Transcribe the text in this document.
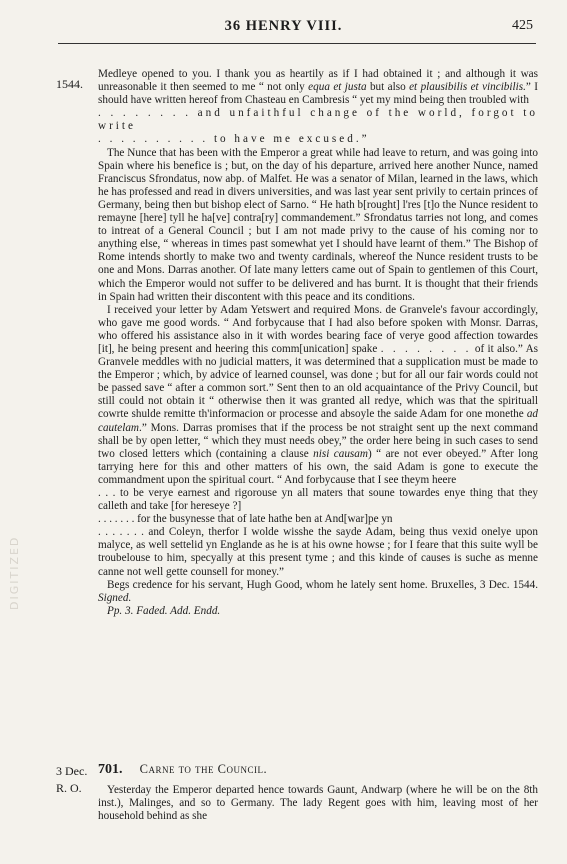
36 HENRY VIII.	425
1544.

Medleye opened to you. I thank you as heartily as if I had obtained it ; and although it was unreasonable it then seemed to me “ not only equa et justa but also et plausibilis et vincibilis.” I should have written hereof from Chasteau en Cambresis “ yet my mind being then troubled with
. . . . . . . . and unfaithful change of the world, forgot to write
. . . . . . . . . . to have me excused.”

The Nunce that has been with the Emperor a great while had leave to return, and was going into Spain where his benefice is ; but, on the day of his departure, arrived here another Nunce, named Franciscus Sfrondatus, now abp. of Malfet. He was a senator of Milan, learned in the laws, which he has professed and read in divers universities, and was last year sent privily to certain princes of Germany, being then but bishop elect of Sarno. “ He hath b[rought] l'res [t]o the Nunce resident to remayne [here] tyll he ha[ve] contra[ry] commandement.” Sfrondatus tarries not long, and comes to intreat of a General Council ; but I am not made privy to the cause of his coming nor to anything else, “ whereas in times past somewhat yet I should have learnt of them.” The Bishop of Rome intends shortly to make two and twenty cardinals, whereof the Nunce resident trusts to be one and Mons. Darras another. Of late many letters came out of Spain to gentlemen of this Court, which the Emperor would not suffer to be delivered and has burnt. It is thought that their friends in Spain had written their discontent with this peace and its conditions.

I received your letter by Adam Yetswert and required Mons. de Granvele's favour accordingly, who gave me good words. “ And forbycause that I had also before spoken with Monsr. Darras, who offered his assistance also in it with wordes bearing face of verye good affection towardes [it], he being present and heering this comm[unication] spake . . . . . . . . of it also.” As Granvele meddles with no judicial matters, it was determined that a supplication must be made to the Emperor ; which, by advice of learned counsel, was done ; but for all our fair words could not be passed save “ after a common sort.” Sent then to an old acquaintance of the Privy Council, but still could not obtain it “ otherwise then it was granted all redye, which was that the spirituall cowrte shulde remitte th'informacion or processe and absoyle the saide Adam for one monethe ad cautelam.” Mons. Darras promises that if the process be not straight sent up the next command shall be by open letter, “ which they must needs obey,” the order here being in such cases to send two closed letters which (containing a clause nisi causam) “ are not ever obeyed.” After long tarrying here for this and other matters of his own, the said Adam is gone to execute the commandment upon the spiritual court. “ And forbycause that I see theym heere
. . . to be verye earnest and rigorouse yn all maters that soune towardes enye thing that they calleth and take [for hereseye ?]
. . . . . . . for the busynesse that of late hathe ben at And[war]pe yn
. . . . . . . and Coleyn, therfor I wolde wisshe the sayde Adam, being thus vexid onelye upon malyce, as well settelid yn Englande as he is at his owne howse ; for I feare that this suite wyll be troubelouse to him, specyally at this present tyme ; and this kinde of causes is suche as menne canne not well gette counsell for money.”

Begs credence for his servant, Hugh Good, whom he lately sent home. Bruxelles, 3 Dec. 1544. Signed.

Pp. 3. Faded. Add. Endd.

3 Dec.
R. O.
701. Carne to the Council.

Yesterday the Emperor departed hence towards Gaunt, Andwarp (where he will be on the 8th inst.), Malinges, and so to Germany. The lady Regent goes with him, leaving most of her household behind as she

DIGITIZED
